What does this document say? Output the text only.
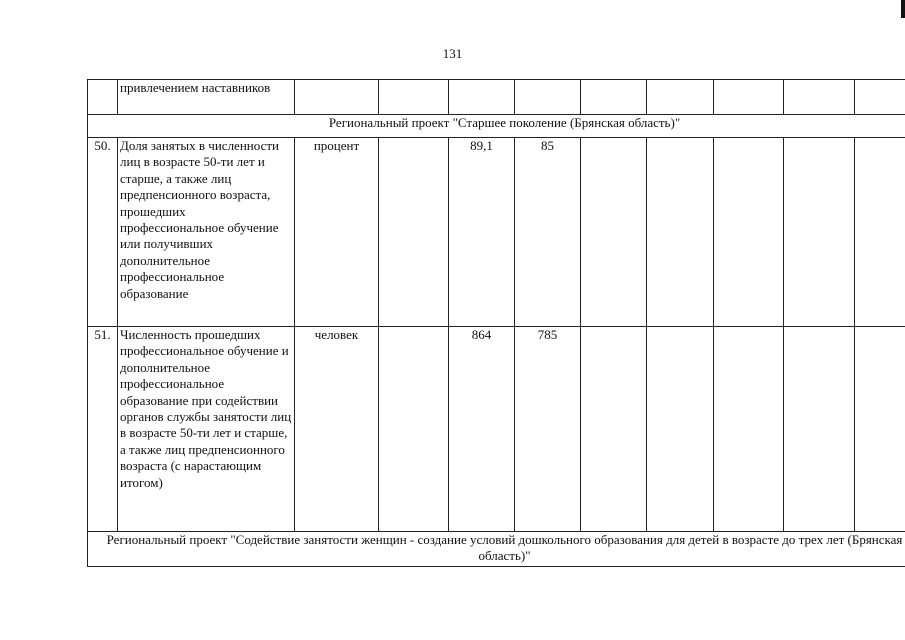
131
	привлечением наставников									
Региональный проект "Старшее поколение (Брянская область)"										
50.	Доля занятых в численности лиц в возрасте 50-ти лет и старше, а также лиц предпенсионного возраста, прошедших профессиональное обучение или получивших дополнительное профессиональное образование	процент		89,1	85					
51.	Численность прошедших профессиональное обучение и дополнительное профессиональное образование при содействии органов службы занятости лиц в возрасте 50-ти лет и старше, а также лиц предпенсионного возраста (с нарастающим итогом)	человек		864	785					
Региональный проект "Содействие занятости женщин - создание условий дошкольного образования для детей в возрасте до трех лет (Брянская область)"										
